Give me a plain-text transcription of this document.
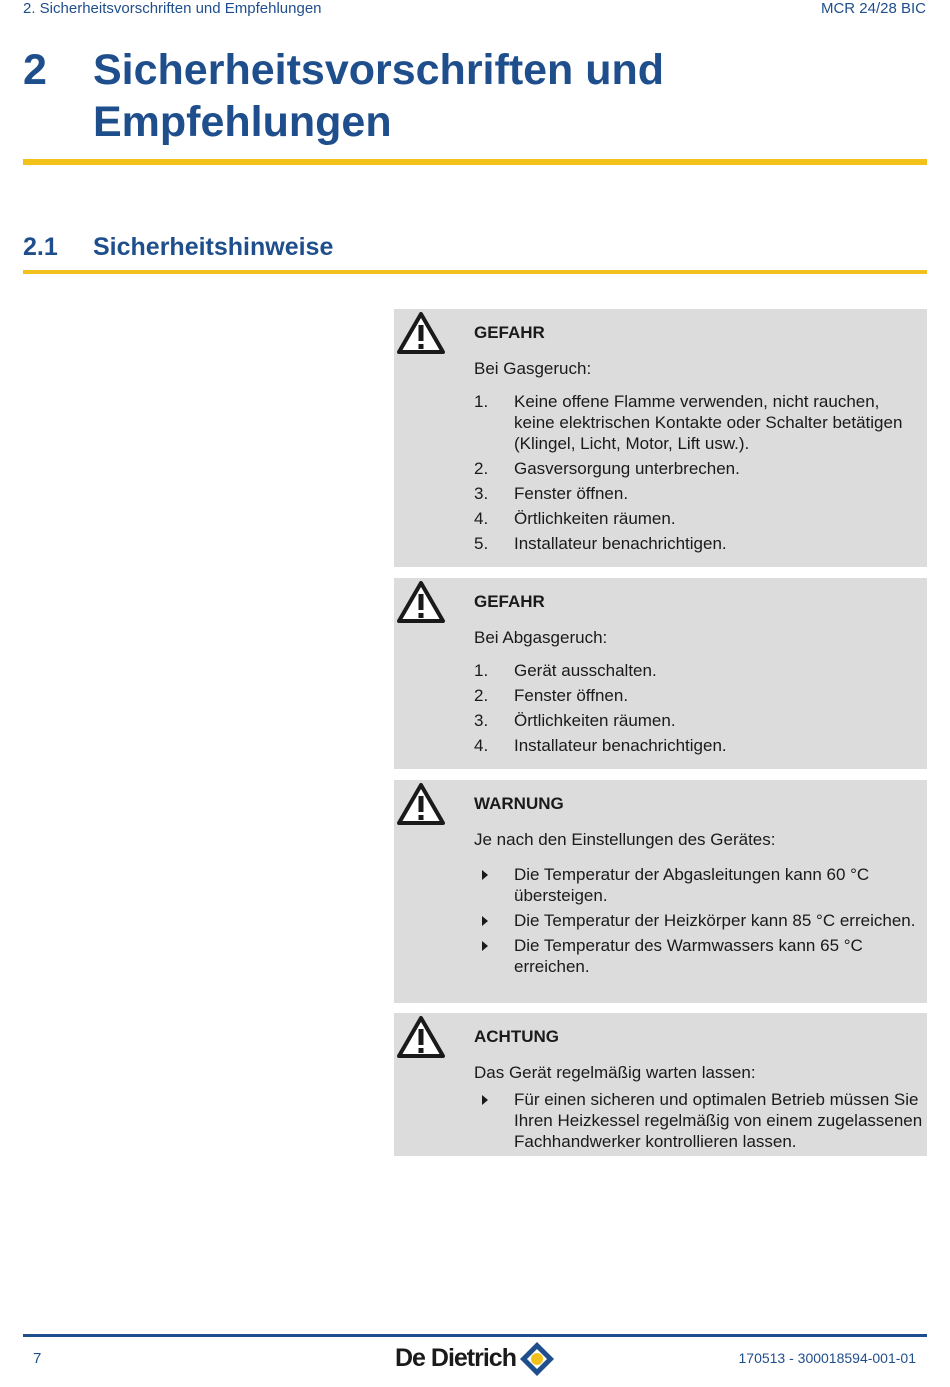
2. Sicherheitsvorschriften und Empfehlungen	MCR 24/28 BIC
2 Sicherheitsvorschriften und Empfehlungen
2.1 Sicherheitshinweise
GEFAHR
Bei Gasgeruch:
1. Keine offene Flamme verwenden, nicht rauchen, keine elektrischen Kontakte oder Schalter betätigen (Klingel, Licht, Motor, Lift usw.).
2. Gasversorgung unterbrechen.
3. Fenster öffnen.
4. Örtlichkeiten räumen.
5. Installateur benachrichtigen.
GEFAHR
Bei Abgasgeruch:
1. Gerät ausschalten.
2. Fenster öffnen.
3. Örtlichkeiten räumen.
4. Installateur benachrichtigen.
WARNUNG
Je nach den Einstellungen des Gerätes:
Die Temperatur der Abgasleitungen kann 60 °C übersteigen.
Die Temperatur der Heizkörper kann 85 °C erreichen.
Die Temperatur des Warmwassers kann 65 °C erreichen.
ACHTUNG
Das Gerät regelmäßig warten lassen:
Für einen sicheren und optimalen Betrieb müssen Sie Ihren Heizkessel regelmäßig von einem zugelassenen Fachhandwerker kontrollieren lassen.
7	De Dietrich	170513 - 300018594-001-01
